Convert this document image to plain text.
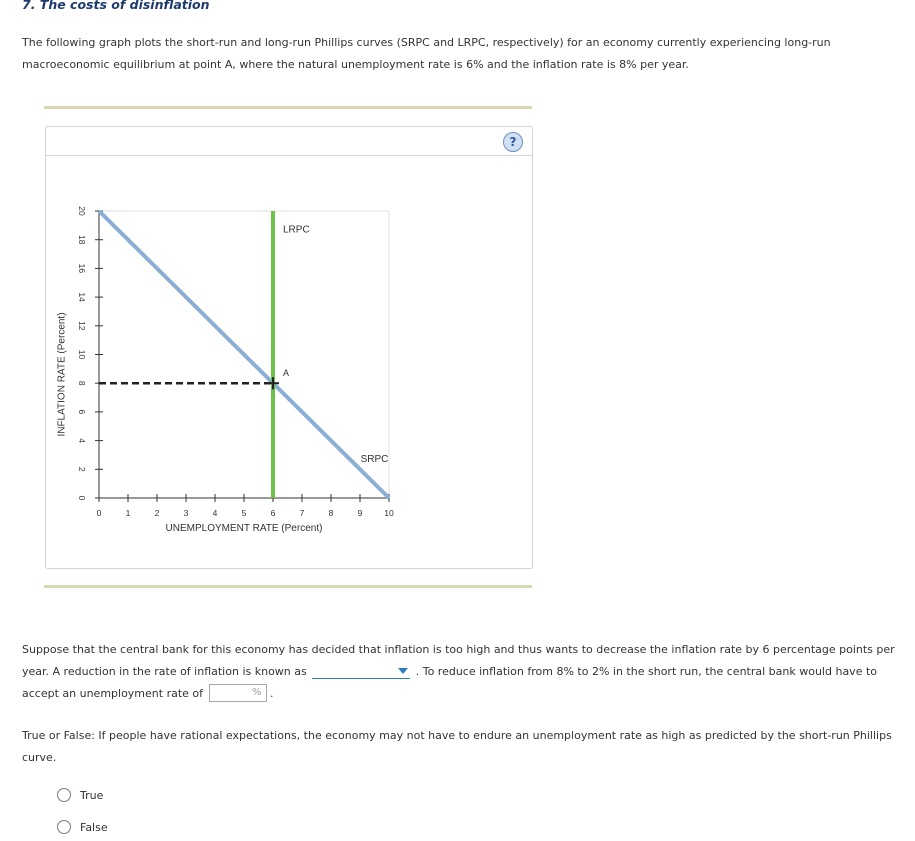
7. The costs of disinflation
The following graph plots the short-run and long-run Phillips curves (SRPC and LRPC, respectively) for an economy currently experiencing long-run macroeconomic equilibrium at point A, where the natural unemployment rate is 6% and the inflation rate is 8% per year.
?
0	1	2	3	4	5	6	7	8	9	10
0
2
4
6
8
10
12
14
16
18
20
UNEMPLOYMENT RATE (Percent)
INFLATION RATE (Percent)	A
LRPC
SRPC
Suppose that the central bank for this economy has decided that inflation is too high and thus wants to decrease the inflation rate by 6 percentage points per year. A reduction in the rate of inflation is known as	. To reduce inflation from 8% to 2% in the short run, the central bank would have to accept an unemployment rate of	% .
True or False: If people have rational expectations, the economy may not have to endure an unemployment rate as high as predicted by the short-run Phillips curve.
True
False
